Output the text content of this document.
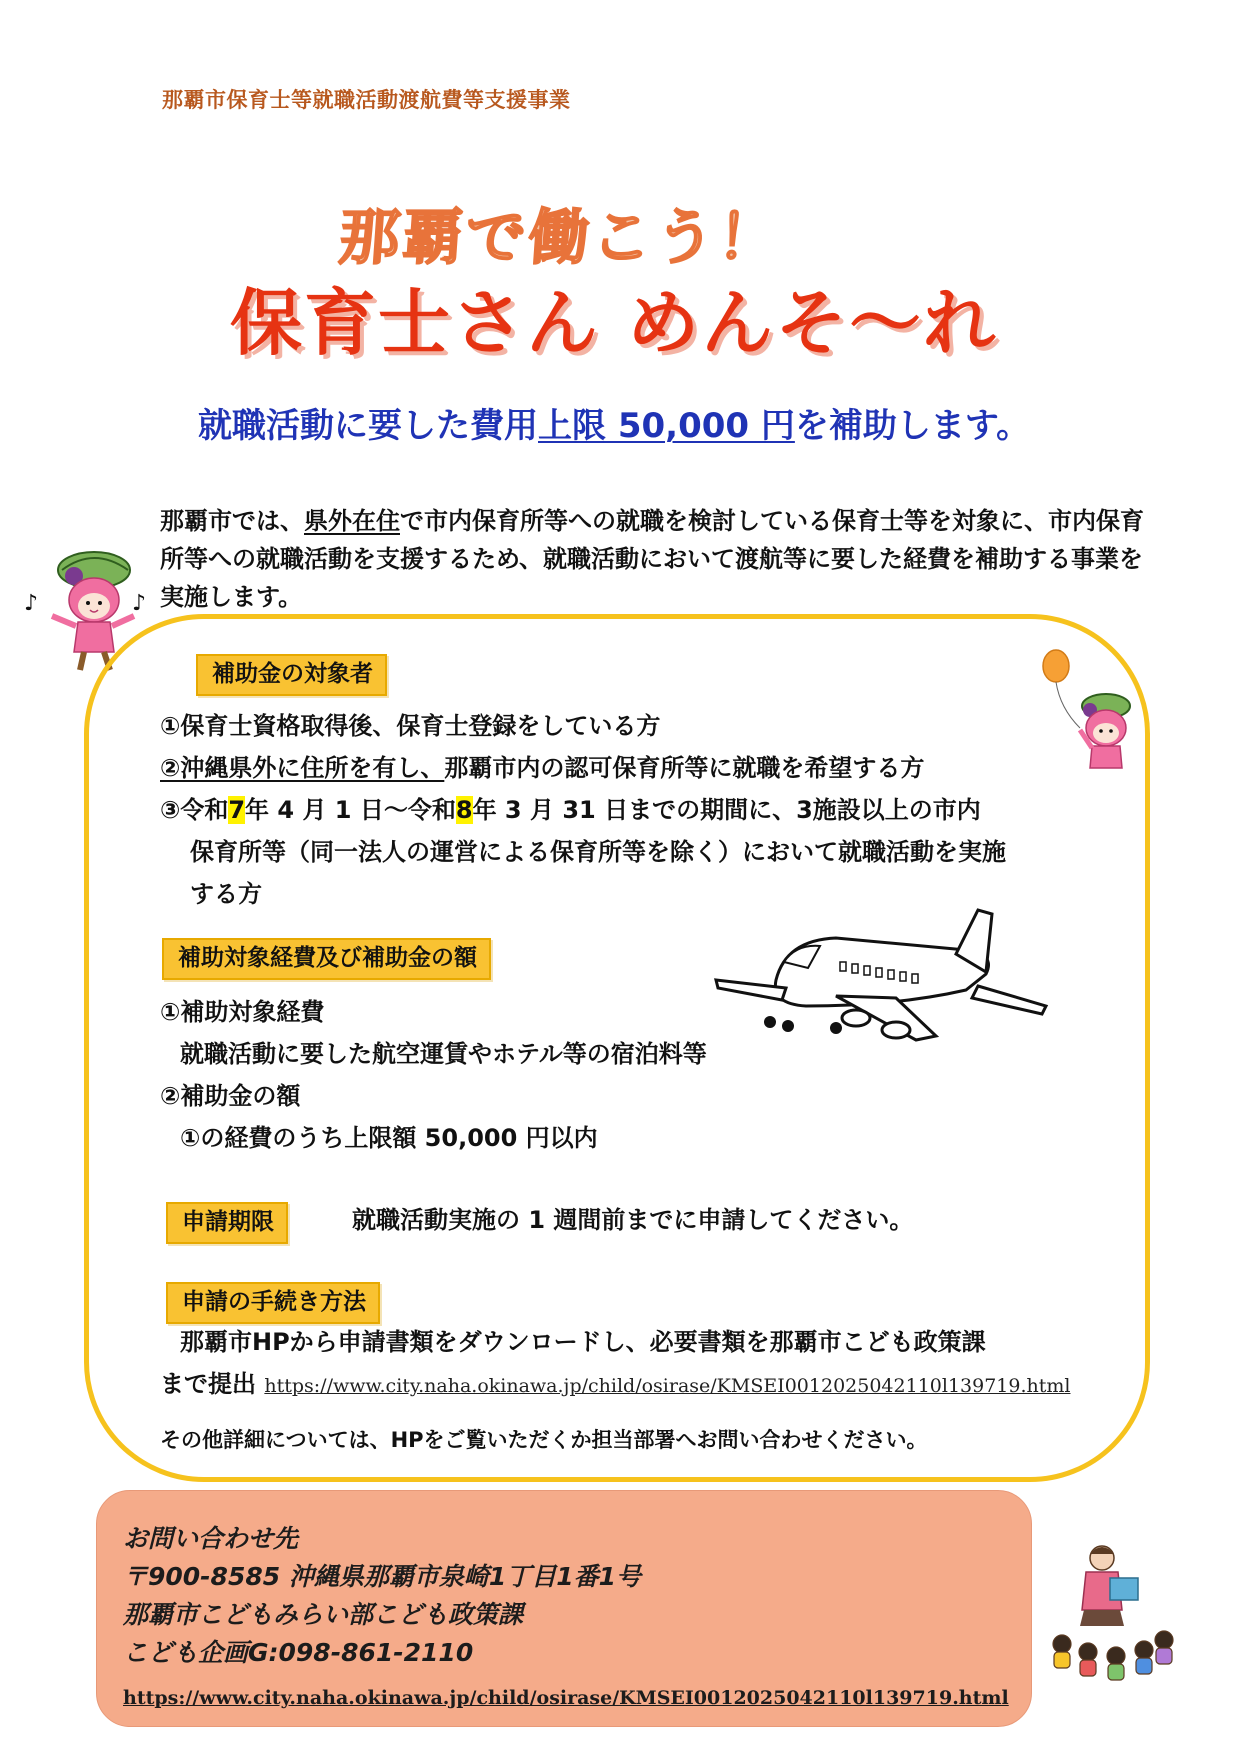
那覇市保育士等就職活動渡航費等支援事業
那覇で働こう！
保育士さん めんそ～れ
就職活動に要した費用上限 50,000 円を補助します。
那覇市では、県外在住で市内保育所等への就職を検討している保育士等を対象に、市内保育所等への就職活動を支援するため、就職活動において渡航等に要した経費を補助する事業を実施します。
♪	♪
補助金の対象者
①保育士資格取得後、保育士登録をしている方
②沖縄県外に住所を有し、那覇市内の認可保育所等に就職を希望する方
③令和7年 4 月 1 日～令和8年 3 月 31 日までの期間に、3施設以上の市内
保育所等（同一法人の運営による保育所等を除く）において就職活動を実施
する方
補助対象経費及び補助金の額
①補助対象経費
就職活動に要した航空運賃やホテル等の宿泊料等
②補助金の額
①の経費のうち上限額 50,000 円以内
申請期限	就職活動実施の 1 週間前までに申請してください。
申請の手続き方法
那覇市HPから申請書類をダウンロードし、必要書類を那覇市こども政策課
まで提出 https://www.city.naha.okinawa.jp/child/osirase/KMSEI0012025042110l139719.html
その他詳細については、HPをご覧いただくか担当部署へお問い合わせください。
お問い合わせ先
〒900-8585 沖縄県那覇市泉崎1丁目1番1号
那覇市こどもみらい部こども政策課
こども企画G:098-861-2110
https://www.city.naha.okinawa.jp/child/osirase/KMSEI0012025042110l139719.html
